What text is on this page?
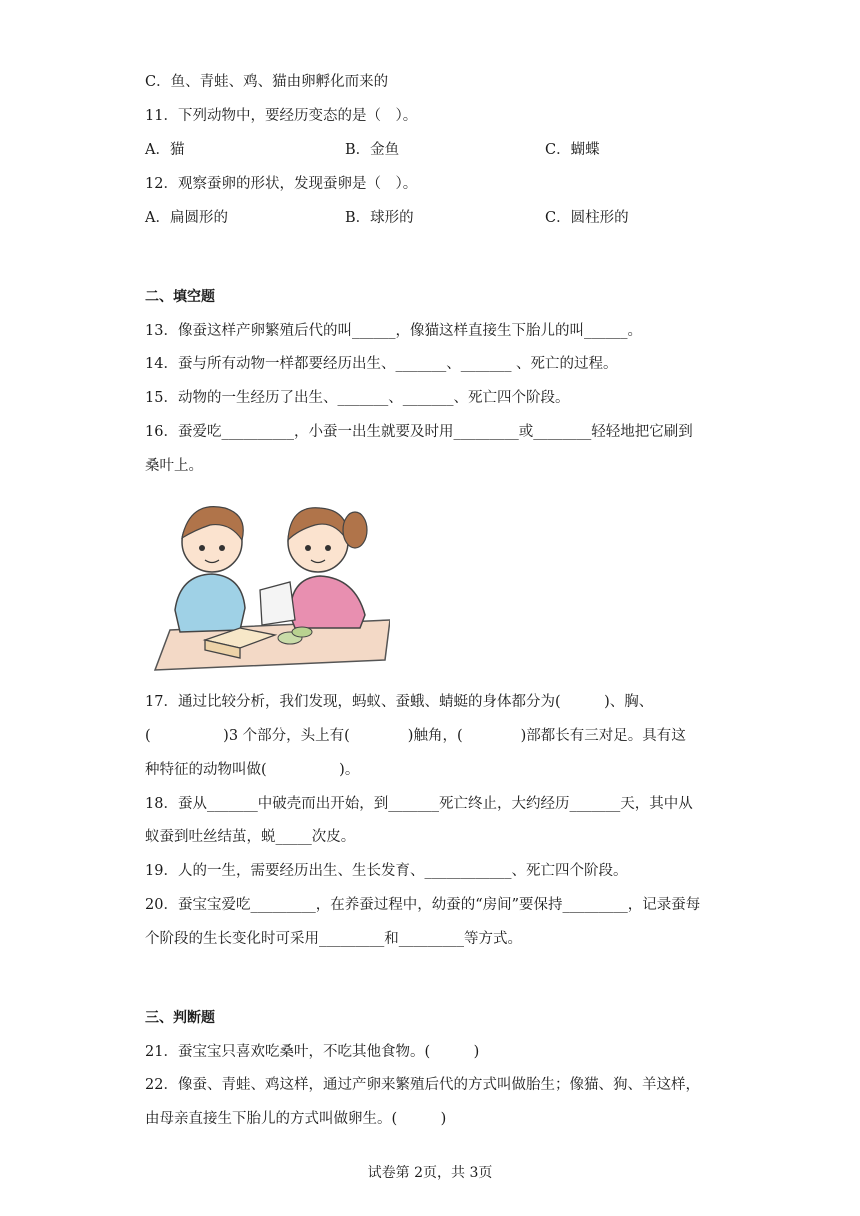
C．鱼、青蛙、鸡、猫由卵孵化而来的
11．下列动物中，要经历变态的是（　）。
A．猫	B．金鱼	C．蝴蝶
12．观察蚕卵的形状，发现蚕卵是（　）。
A．扁圆形的	B．球形的	C．圆柱形的
二、填空题
13．像蚕这样产卵繁殖后代的叫______，像猫这样直接生下胎儿的叫______。
14．蚕与所有动物一样都要经历出生、_______、_______ 、死亡的过程。
15．动物的一生经历了出生、_______、_______、死亡四个阶段。
16．蚕爱吃__________，小蚕一出生就要及时用_________或________轻轻地把它刷到
桑叶上。
17．通过比较分析，我们发现，蚂蚁、蚕蛾、蜻蜓的身体都分为(　　　)、胸、
(　　　　　)3 个部分，头上有(　　　　)触角，(　　　　)部都长有三对足。具有这
种特征的动物叫做(　　　　　)。
18．蚕从_______中破壳而出开始，到_______死亡终止，大约经历_______天，其中从
蚁蚕到吐丝结茧，蜕_____次皮。
19．人的一生，需要经历出生、生长发育、____________、死亡四个阶段。
20．蚕宝宝爱吃_________，在养蚕过程中，幼蚕的“房间”要保持_________，记录蚕每
个阶段的生长变化时可采用_________和_________等方式。
三、判断题
21．蚕宝宝只喜欢吃桑叶，不吃其他食物。(　　　)
22．像蚕、青蛙、鸡这样，通过产卵来繁殖后代的方式叫做胎生；像猫、狗、羊这样，
由母亲直接生下胎儿的方式叫做卵生。(　　　)
试卷第 2页，共 3页
